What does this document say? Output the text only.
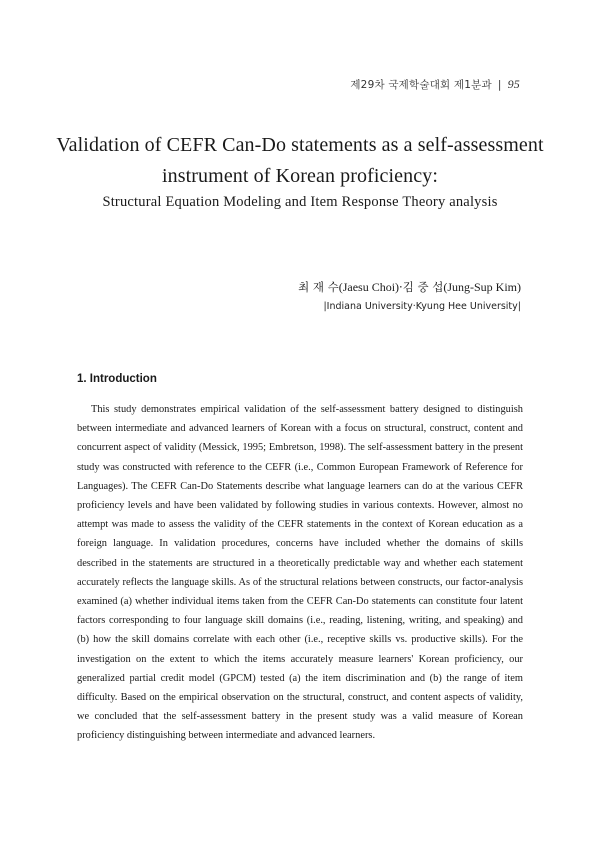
제29차 국제학술대회 제1분과 | 95
Validation of CEFR Can-Do statements as a self-assessment instrument of Korean proficiency:
Structural Equation Modeling and Item Response Theory analysis
최 재 수(Jaesu Choi)·김 중 섭(Jung-Sup Kim)
|Indiana University·Kyung Hee University|
1. Introduction

This study demonstrates empirical validation of the self-assessment battery designed to distinguish between intermediate and advanced learners of Korean with a focus on structural, construct, content and concurrent aspect of validity (Messick, 1995; Embretson, 1998). The self-assessment battery in the present study was constructed with reference to the CEFR (i.e., Common European Framework of Reference for Languages). The CEFR Can-Do Statements describe what language learners can do at the various CEFR proficiency levels and have been validated by following studies in various contexts. However, almost no attempt was made to assess the validity of the CEFR statements in the context of Korean education as a foreign language. In validation procedures, concerns have included whether the domains of skills described in the statements are structured in a theoretically predictable way and whether each statement accurately reflects the language skills. As of the structural relations between constructs, our factor-analysis examined (a) whether individual items taken from the CEFR Can-Do statements can constitute four latent factors corresponding to four language skill domains (i.e., reading, listening, writing, and speaking) and (b) how the skill domains correlate with each other (i.e., receptive skills vs. productive skills). For the investigation on the extent to which the items accurately measure learners' Korean proficiency, our generalized partial credit model (GPCM) tested (a) the item discrimination and (b) the range of item difficulty. Based on the empirical observation on the structural, construct, and content aspects of validity, we concluded that the self-assessment battery in the present study was a valid measure of Korean proficiency distinguishing between intermediate and advanced learners.
